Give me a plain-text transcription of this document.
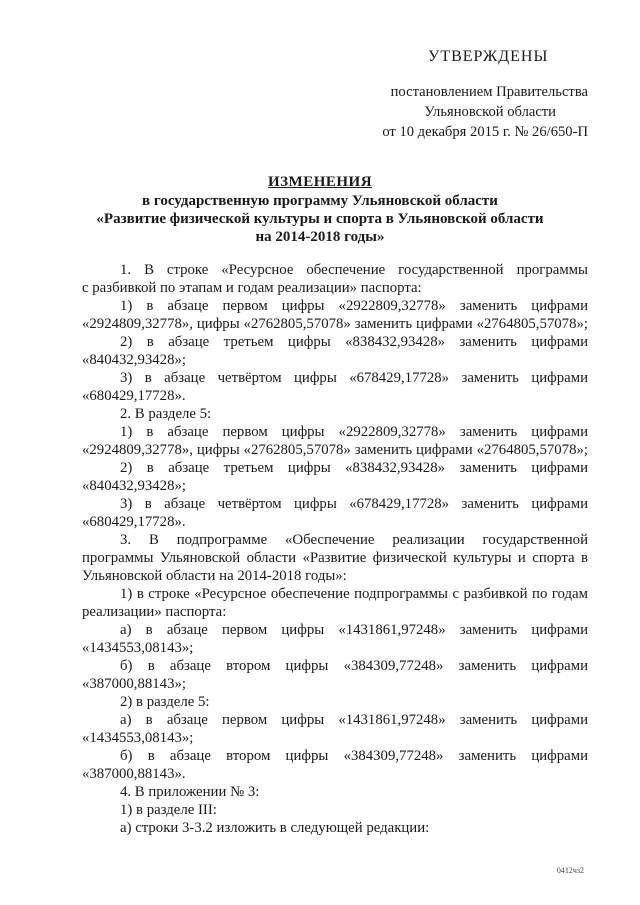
УТВЕРЖДЕНЫ
постановлением Правительства
Ульяновской области
от 10 декабря 2015 г. № 26/650-П
ИЗМЕНЕНИЯ
в государственную программу Ульяновской области
«Развитие физической культуры и спорта в Ульяновской области
на 2014-2018 годы»
1. В строке «Ресурсное обеспечение государственной программы
с разбивкой по этапам и годам реализации» паспорта:
1) в абзаце первом цифры «2922809,32778» заменить цифрами
«2924809,32778», цифры «2762805,57078» заменить цифрами «2764805,57078»;
2) в абзаце третьем цифры «838432,93428» заменить цифрами
«840432,93428»;
3) в абзаце четвёртом цифры «678429,17728» заменить цифрами
«680429,17728».
2. В разделе 5:
1) в абзаце первом цифры «2922809,32778» заменить цифрами
«2924809,32778», цифры «2762805,57078» заменить цифрами «2764805,57078»;
2) в абзаце третьем цифры «838432,93428» заменить цифрами
«840432,93428»;
3) в абзаце четвёртом цифры «678429,17728» заменить цифрами
«680429,17728».
3. В подпрограмме «Обеспечение реализации государственной
программы Ульяновской области «Развитие физической культуры и спорта в
Ульяновской области на 2014-2018 годы»:
1) в строке «Ресурсное обеспечение подпрограммы с разбивкой по годам
реализации» паспорта:
а) в абзаце первом цифры «1431861,97248» заменить цифрами
«1434553,08143»;
б) в абзаце втором цифры «384309,77248» заменить цифрами
«387000,88143»;
2) в разделе 5:
а) в абзаце первом цифры «1431861,97248» заменить цифрами
«1434553,08143»;
б) в абзаце втором цифры «384309,77248» заменить цифрами
«387000,88143».
4. В приложении № 3:
1) в разделе III:
а) строки 3-3.2 изложить в следующей редакции:
0412чз2
